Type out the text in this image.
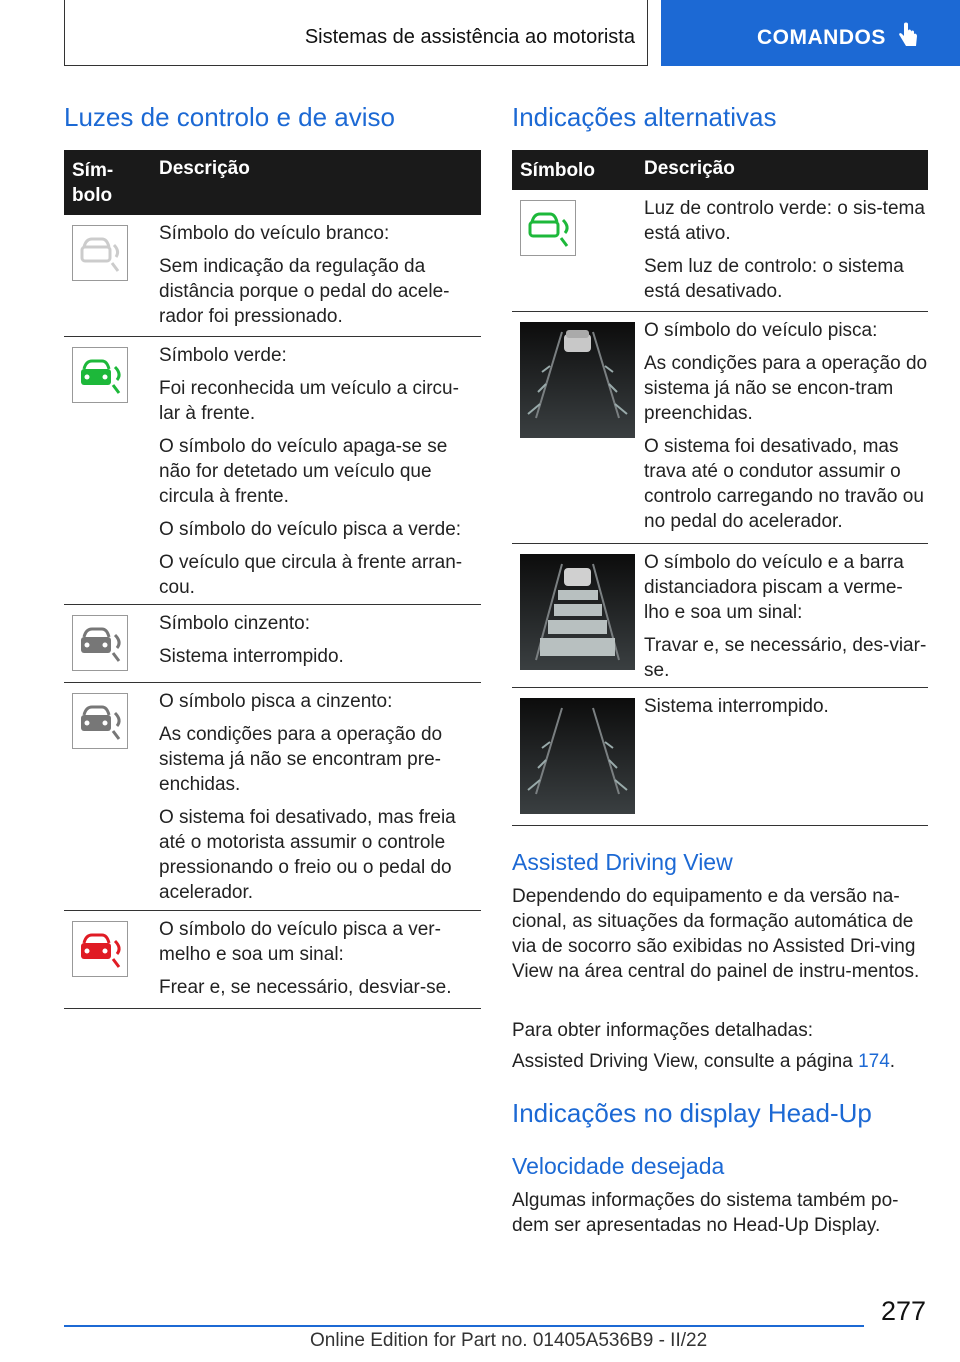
Sistemas de assistência ao motorista	COMANDOS
Luzes de controlo e de aviso
Sím-
bolo
Descrição

Símbolo do veículo branco:

Sem indicação da regulação da distância porque o pedal do acele-rador foi pressionado.

Símbolo verde:

Foi reconhecida um veículo a circu-lar à frente.

O símbolo do veículo apaga-se se não for detetado um veículo que circula à frente.

O símbolo do veículo pisca a verde:

O veículo que circula à frente arran-cou.

Símbolo cinzento:

Sistema interrompido.

O símbolo pisca a cinzento:

As condições para a operação do sistema já não se encontram pre-enchidas.

O sistema foi desativado, mas freia até o motorista assumir o controle pressionando o freio ou o pedal do acelerador.

O símbolo do veículo pisca a ver-melho e soa um sinal:

Frear e, se necessário, desviar-se.

Indicações alternativas
Símbolo	Descrição

Luz de controlo verde: o sis-tema está ativo.

Sem luz de controlo: o sistema está desativado.

O símbolo do veículo pisca:

As condições para a operação do sistema já não se encon-tram preenchidas.

O sistema foi desativado, mas trava até o condutor assumir o controlo carregando no travão ou no pedal do acelerador.

O símbolo do veículo e a barra distanciadora piscam a verme-lho e soa um sinal:

Travar e, se necessário, des-viar-se.

Sistema interrompido.

Assisted Driving View

Dependendo do equipamento e da versão na-cional, as situações da formação automática de via de socorro são exibidas no Assisted Dri-ving View na área central do painel de instru-mentos.

Para obter informações detalhadas:

Assisted Driving View, consulte a página 174.

Indicações no display Head-Up
Velocidade desejada

Algumas informações do sistema também po-dem ser apresentadas no Head-Up Display.

277
Online Edition for Part no. 01405A536B9 - II/22
